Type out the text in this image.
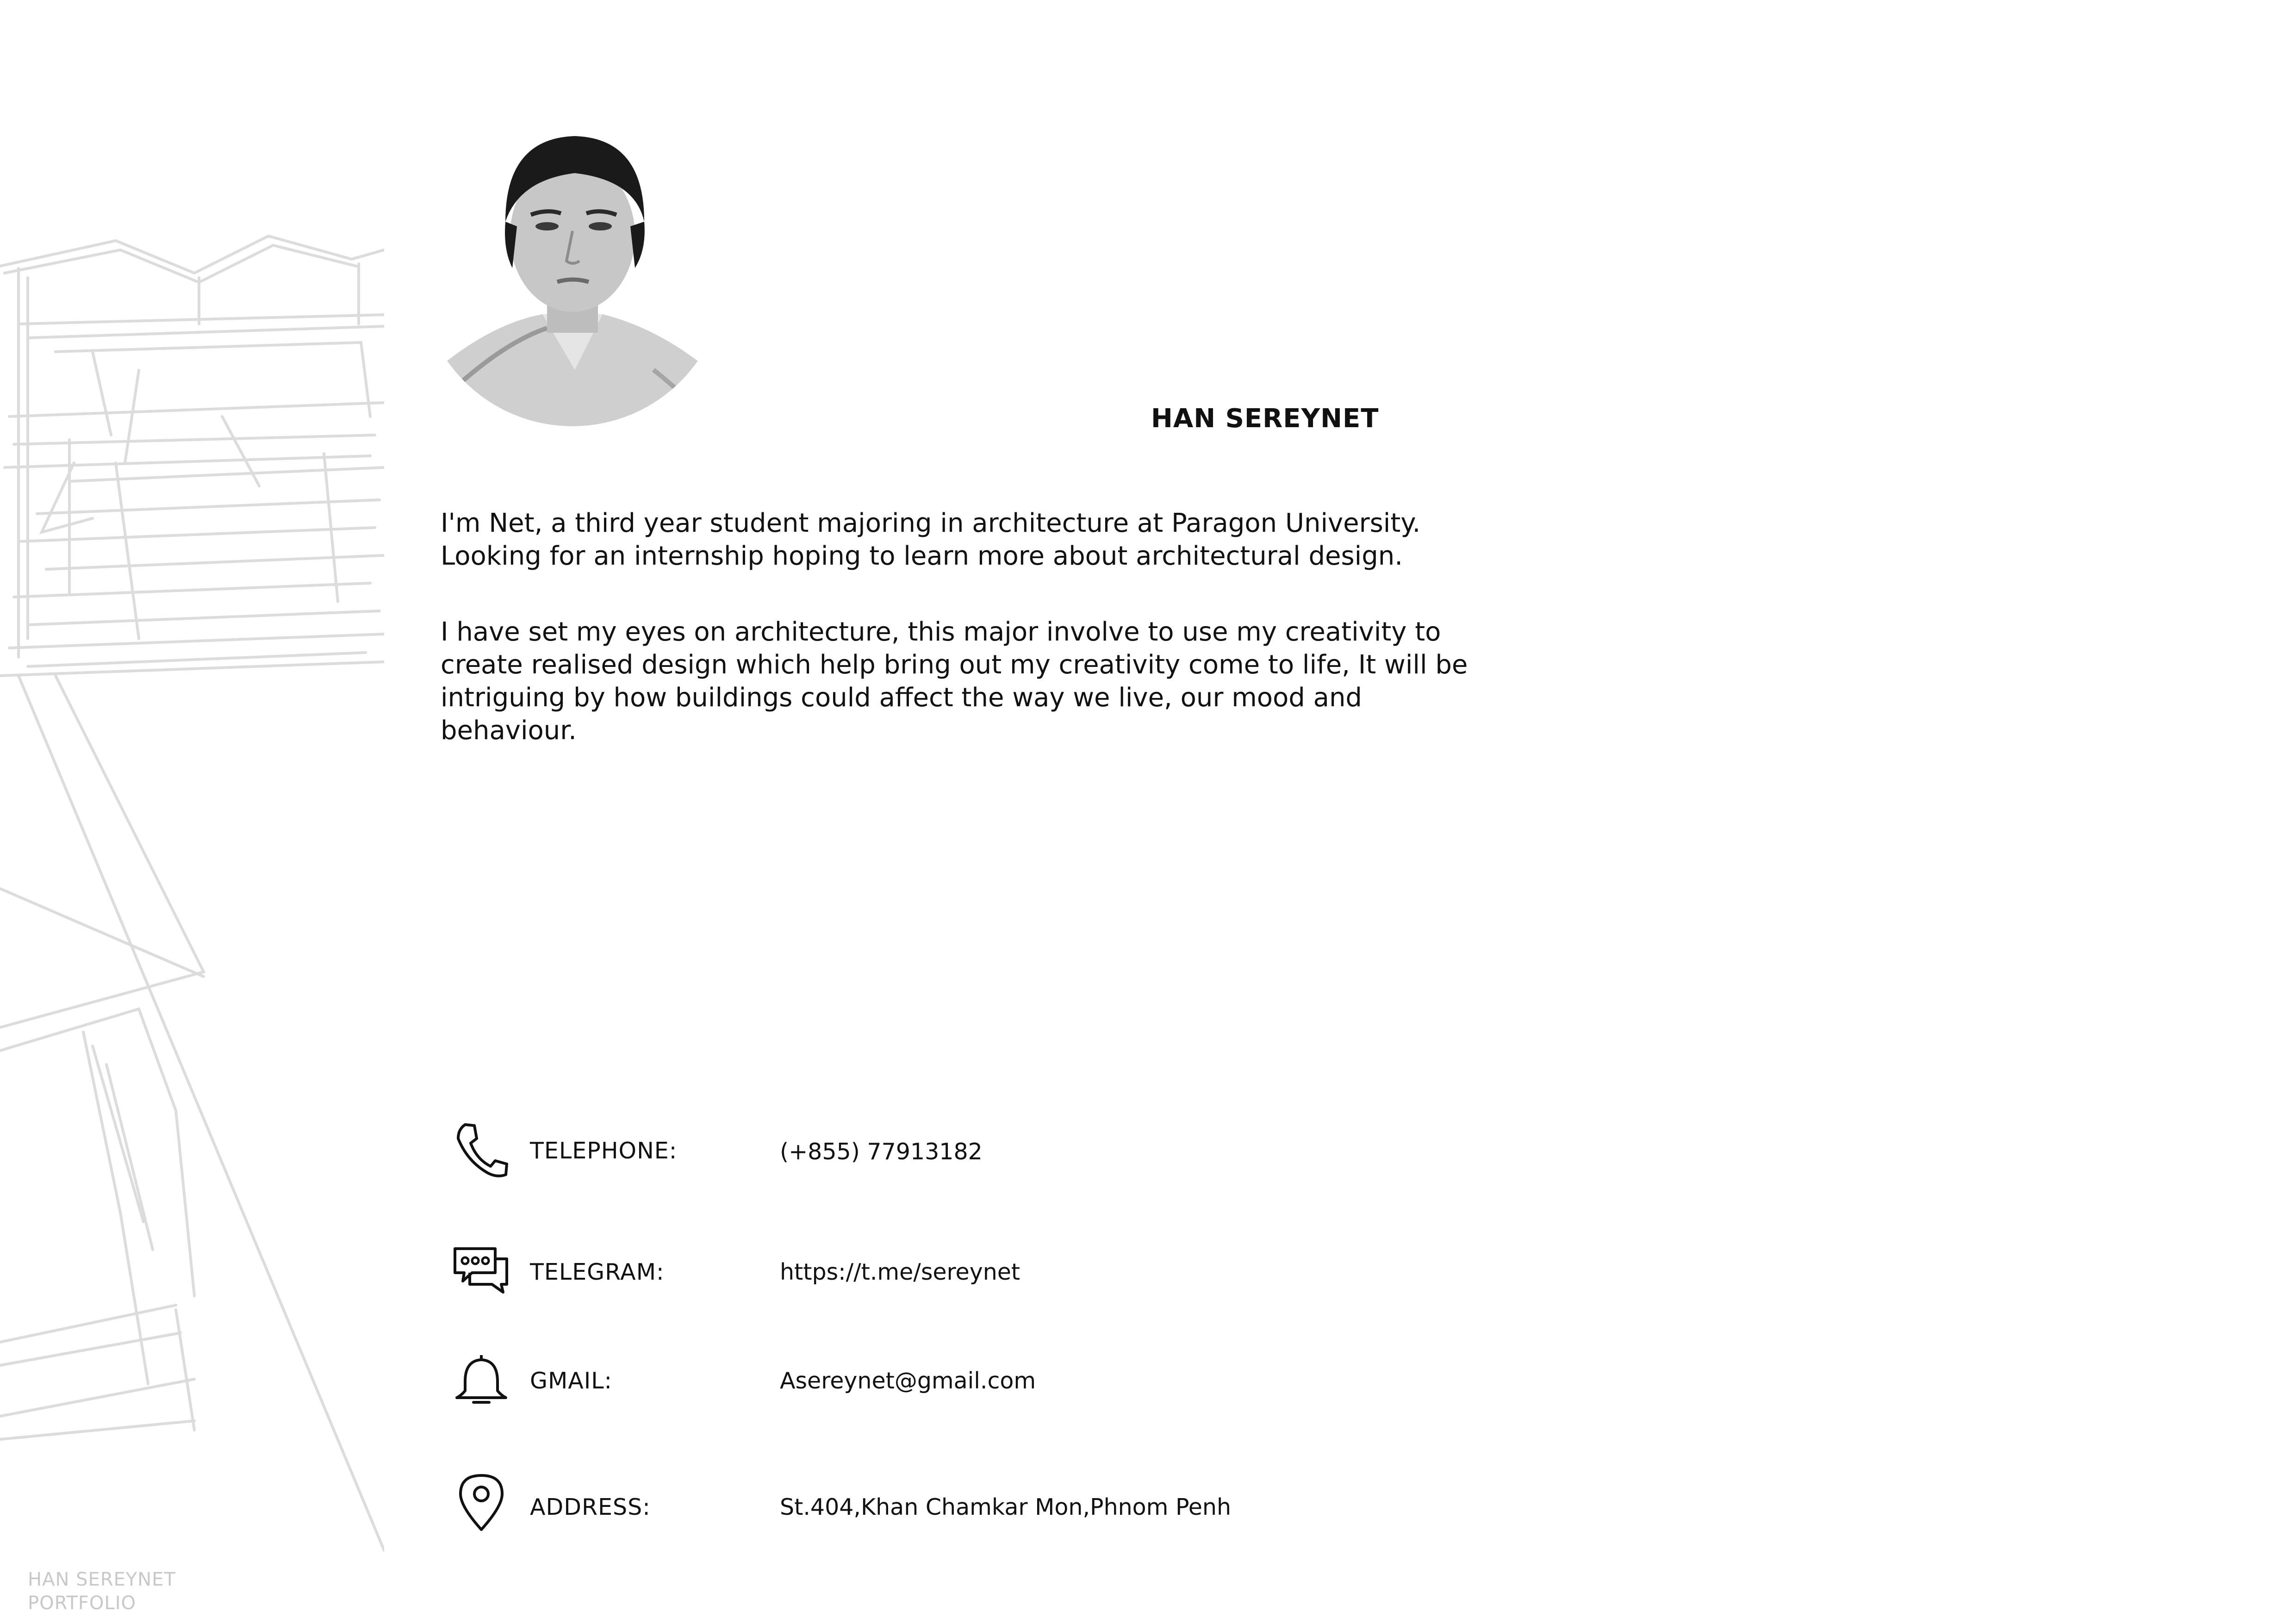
HAN SEREYNET

I'm Net, a third year student majoring in architecture at Paragon University.
Looking for an internship hoping to learn more about architectural design.

I have set my eyes on architecture, this major involve to use my creativity to
create realised design which help bring out my creativity come to life, It will be
intriguing by how buildings could affect the way we live, our mood and behaviour.

TELEPHONE:	(+855) 77913182
TELEGRAM:	https://t.me/sereynet
GMAIL:	Asereynet@gmail.com
ADDRESS:	St.404,Khan Chamkar Mon,Phnom Penh
HAN SEREYNET
PORTFOLIO
